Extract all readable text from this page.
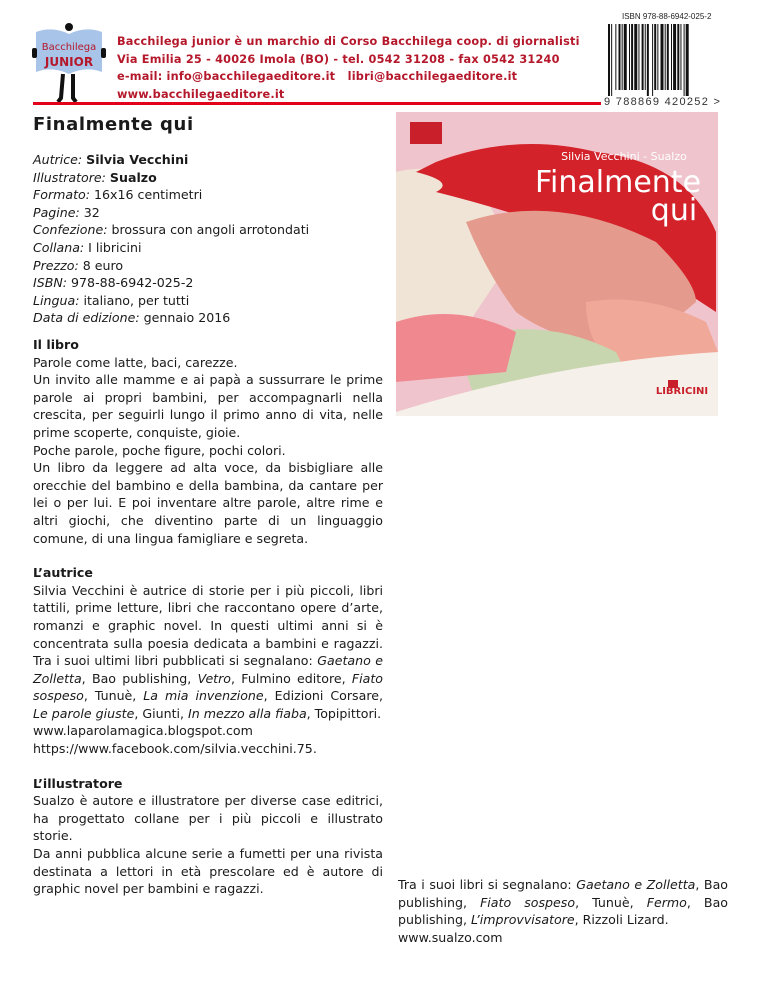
Bacchilega
JUNIOR
Bacchilega junior è un marchio di Corso Bacchilega coop. di giornalisti
Via Emilia 25 - 40026 Imola (BO) - tel. 0542 31208 - fax 0542 31240
e-mail: info@bacchilegaeditore.it   libri@bacchilegaeditore.it
www.bacchilegaeditore.it
ISBN 978-88-6942-025-2
9 788869 420252 >
Finalmente qui
Autrice: Silvia Vecchini
Illustratore: Sualzo
Formato: 16x16 centimetri
Pagine: 32
Confezione: brossura con angoli arrotondati
Collana: I libricini
Prezzo: 8 euro
ISBN: 978-88-6942-025-2
Lingua: italiano, per tutti
Data di edizione: gennaio 2016
Il libro

Parole come latte, baci, carezze.

Un invito alle mamme e ai papà a sussurrare le prime parole ai propri bambini, per accompagnarli nella crescita, per seguirli lungo il primo anno di vita, nelle prime scoperte, conquiste, gioie.

Poche parole, poche figure, pochi colori.

Un libro da leggere ad alta voce, da bisbigliare alle orecchie del bambino e della bambina, da cantare per lei o per lui. E poi inventare altre parole, altre rime e altri giochi, che diventino parte di un linguaggio comune, di una lingua famigliare e segreta.

L’autrice

Silvia Vecchini è autrice di storie per i più piccoli, libri tattili, prime letture, libri che raccontano opere d’arte, romanzi e graphic novel. In questi ultimi anni si è concentrata sulla poesia dedicata a bambini e ragazzi. Tra i suoi ultimi libri pubblicati si segnalano: Gaetano e Zolletta, Bao publishing, Vetro, Fulmino editore, Fiato sospeso, Tunuè, La mia invenzione, Edizioni Corsare, Le parole giuste, Giunti, In mezzo alla fiaba, Topipittori.

www.laparolamagica.blogspot.com

https://www.facebook.com/silvia.vecchini.75.

L’illustratore

Sualzo è autore e illustratore per diverse case editrici, ha progettato collane per i più piccoli e illustrato storie.

Da anni pubblica alcune serie a fumetti per una rivista destinata a lettori in età prescolare ed è autore di graphic novel per bambini e ragazzi.

Silvia Vecchini - Sualzo
Finalmente
qui
LIBRICINI

Tra i suoi libri si segnalano: Gaetano e Zolletta, Bao publishing, Fiato sospeso, Tunuè, Fermo, Bao publishing, L’improvvisatore, Rizzoli Lizard.

www.sualzo.com
